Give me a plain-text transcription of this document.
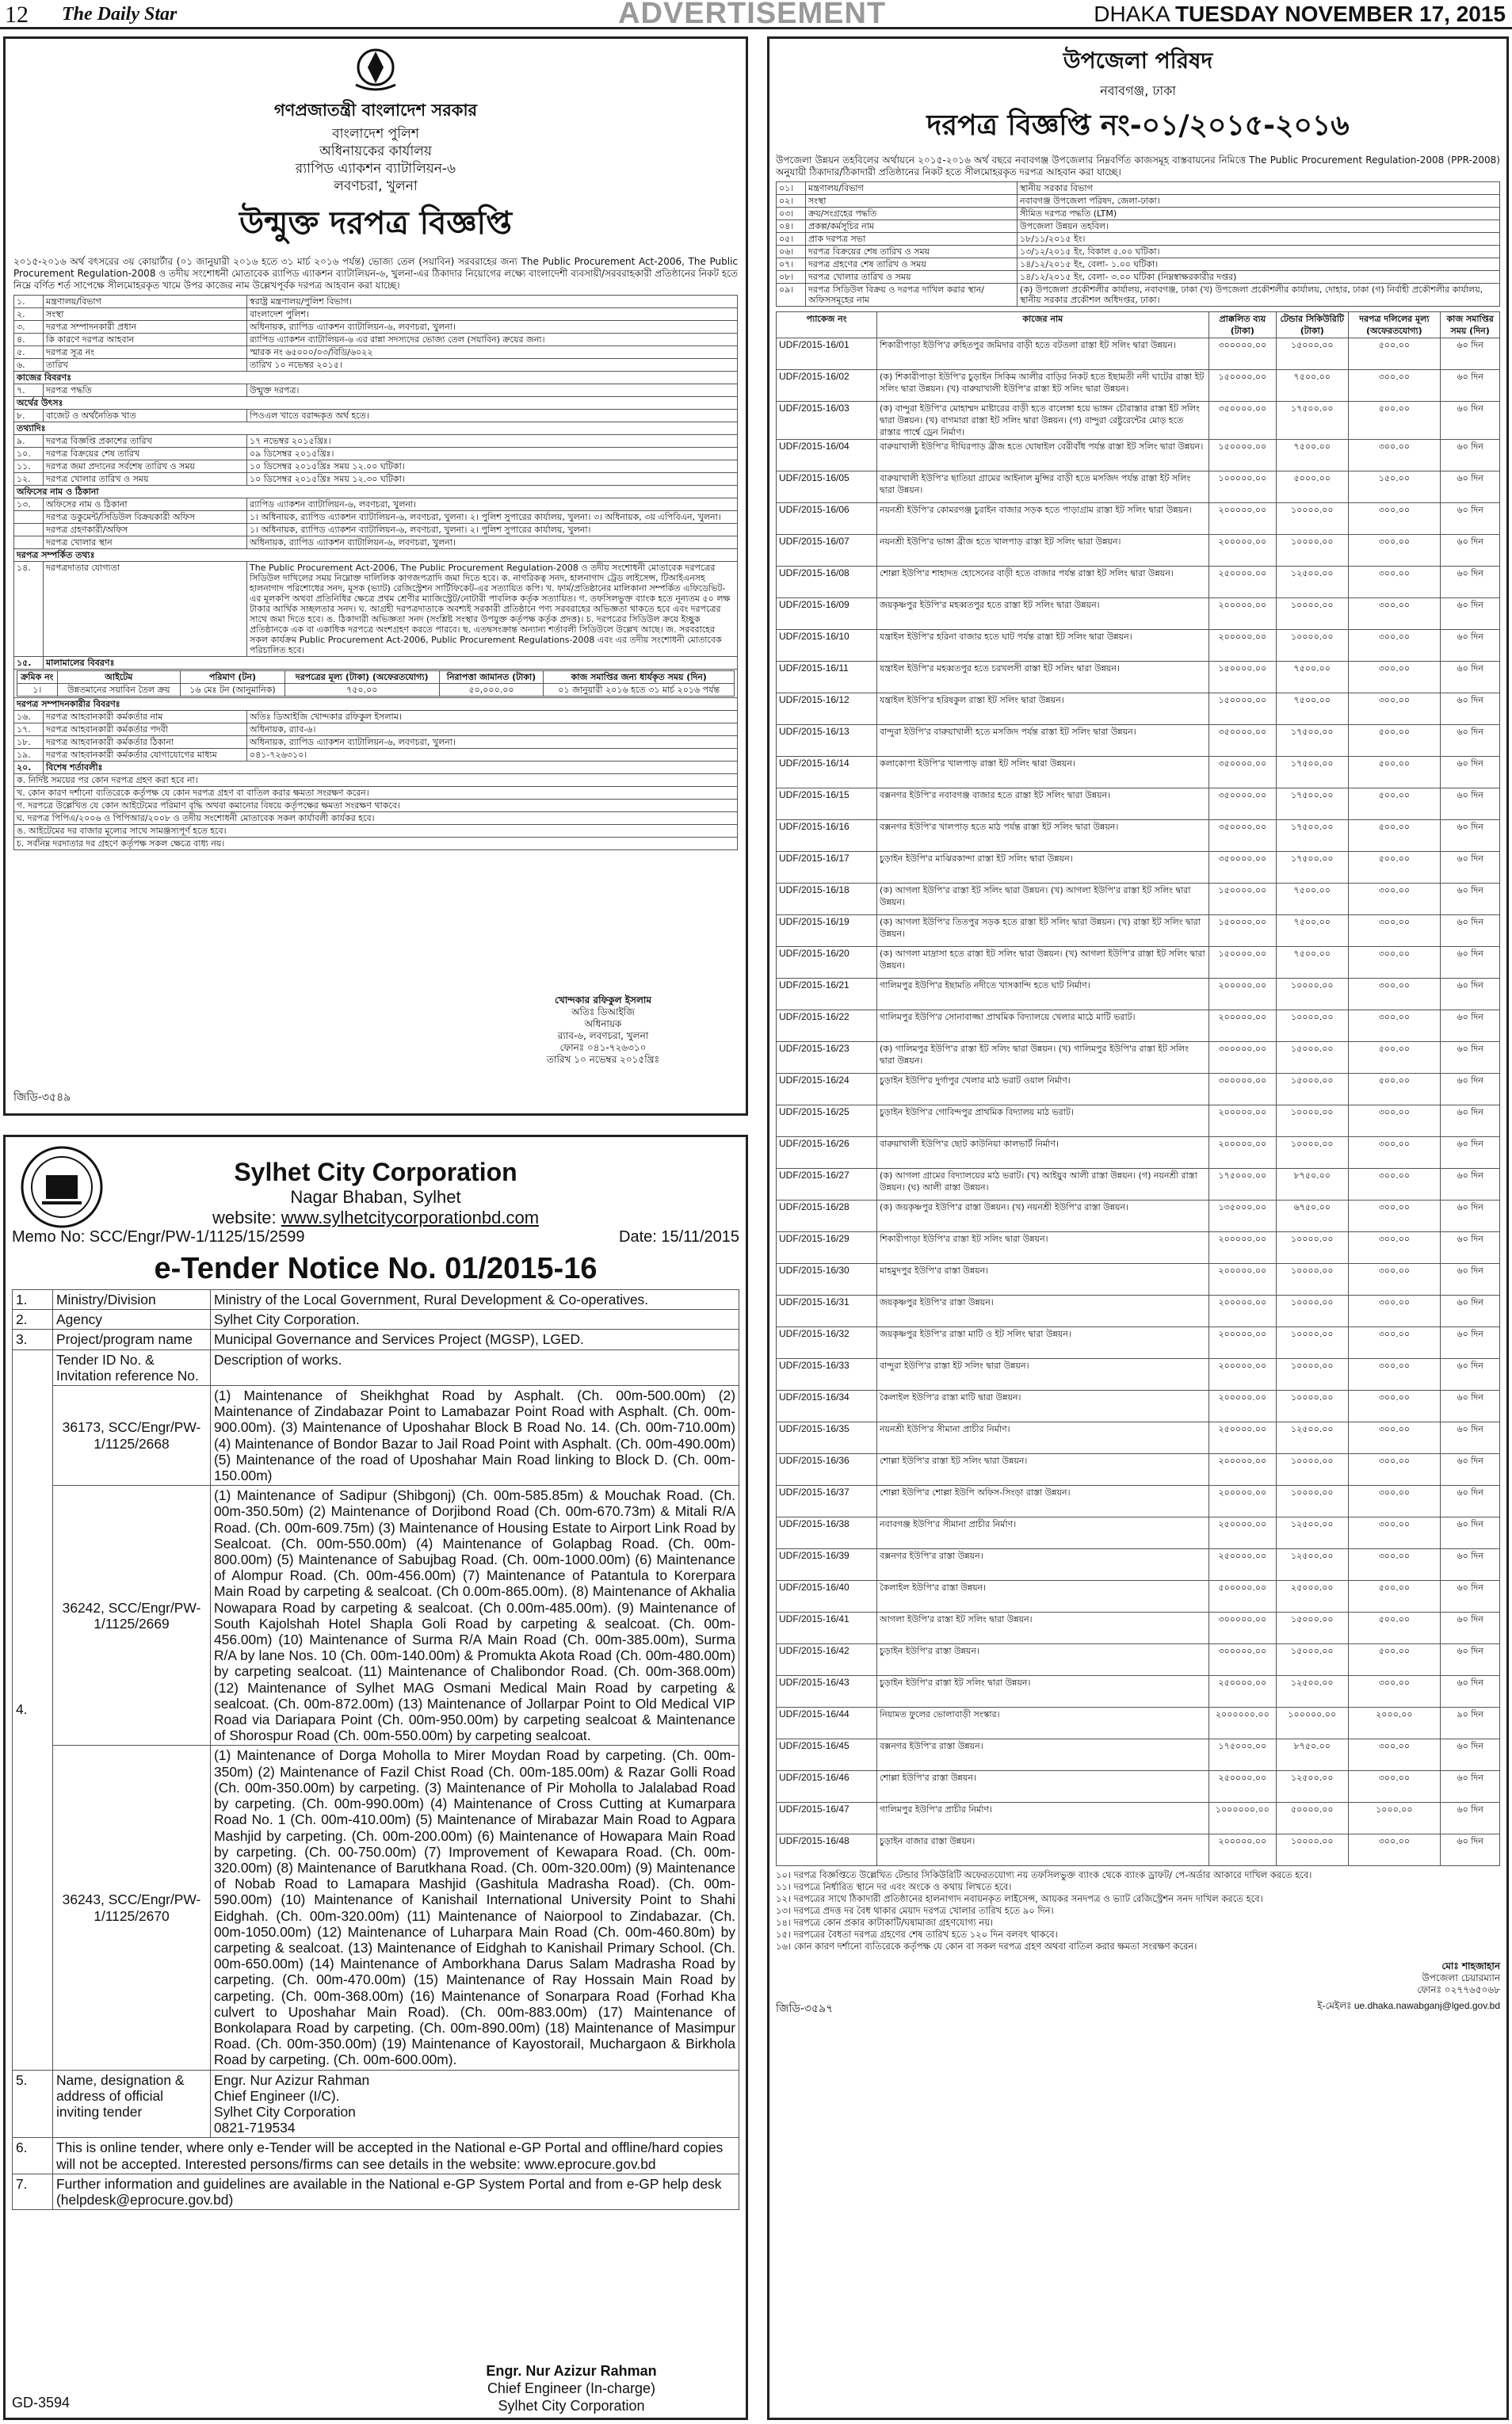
12 The Daily Star	ADVERTISEMENT	DHAKA TUESDAY NOVEMBER 17, 2015
গণপ্রজাতন্ত্রী বাংলাদেশ সরকার
বাংলাদেশ পুলিশ
অধিনায়কের কার্যালয়
র‌্যাপিড এ্যাকশন ব্যাটালিয়ন-৬
লবণচরা, খুলনা
উন্মুক্ত দরপত্র বিজ্ঞপ্তি
২০১৫-২০১৬ অর্থ বৎসরের ৩য় কোয়ার্টার (০১ জানুয়ারী ২০১৬ হতে ৩১ মার্চ ২০১৬ পর্যন্ত) ভোজ্য তেল (সয়াবিন) সরবরাহের জন্য The Public Procurement Act-2006, The Public Procurement Regulation-2008 ও তদীয় সংশোধনী মোতাবেক র‌্যাপিড এ্যাকশন ব্যাটালিয়ন-৬, খুলনা-এর ঠিকাদার নিয়োগের লক্ষ্যে বাংলাদেশী ব্যবসায়ী/সরবরাহকারী প্রতিষ্ঠানের নিকট হতে নিম্নে বর্ণিত শর্ত সাপেক্ষে সীলমোহরকৃত খামে উপর কাজের নাম উল্লেখপূর্বক দরপত্র আহবান করা যাচ্ছে।
১.	মন্ত্রণালয়/বিভাগ	স্বরাষ্ট্র মন্ত্রণালয়/পুলিশ বিভাগ।
২.	সংস্থা	বাংলাদেশ পুলিশ।
৩.	দরপত্র সম্পাদনকারী প্রধান	অধিনায়ক, র‌্যাপিড এ্যাকশন ব্যাটালিয়ন-৬, লবণচরা, খুলনা।
৪.	কি কারণে দরপত্র আহবান	র‌্যাপিড এ্যাকশন ব্যাটালিয়ন-৬ এর রান্না সদস্যদের ভোজ্য তেল (সয়াবিন) ক্রয়ের জন্য।
৫.	দরপত্র সূত্র নং	স্মারক নং ৬৫০০০/০৩/বিডি/৬০২২
৬.	তারিখ	তারিখ ১০ নভেম্বর ২০১৫।
কাজের বিবরণঃ
৭.	দরপত্র পদ্ধতি	উন্মুক্ত দরপত্র।
অর্থের উৎসঃ
৮.	বাজেট ও অর্থনৈতিক খাত	পিওএল খাতে বরাদ্দকৃত অর্থ হতে।
তথ্যাদিঃ
৯.	দরপত্র বিজ্ঞপ্তি প্রকাশের তারিখ	১৭ নভেম্বর ২০১৫খ্রিঃ।
১০.	দরপত্র বিক্রয়ের শেষ তারিখ	০৯ ডিসেম্বর ২০১৫খ্রিঃ।
১১.	দরপত্র জমা প্রদানের সর্বশেষ তারিখ ও সময়	১০ ডিসেম্বর ২০১৫খ্রিঃ সময় ১২.০০ ঘটিকা।
১২.	দরপত্র খোলার তারিখ ও সময়	১০ ডিসেম্বর ২০১৫খ্রিঃ সময় ১২.৩০ ঘটিকা।
অফিসের নাম ও ঠিকানা
১৩.	অফিসের নাম ও ঠিকানা	র‌্যাপিড এ্যাকশন ব্যাটালিয়ন-৬, লবণচরা, খুলনা।
	দরপত্র ডকুমেন্ট/সিডিউল বিক্রয়কারী অফিস	১। অধিনায়ক, র‌্যাপিড এ্যাকশন ব্যাটালিয়ন-৬, লবণচরা, খুলনা। ২। পুলিশ সুপারের কার্যালয়, খুলনা। ৩। অধিনায়ক, ৩য় এপিবিএন, খুলনা।
	দরপত্র গ্রহণকারী/অফিস	১। অধিনায়ক, র‌্যাপিড এ্যাকশন ব্যাটালিয়ন-৬, লবণচরা, খুলনা। ২। পুলিশ সুপারের কার্যালয়, খুলনা।
	দরপত্র খোলার স্থান	অধিনায়ক, র‌্যাপিড এ্যাকশন ব্যাটালিয়ন-৬, লবণচরা, খুলনা।
দরপত্র সম্পর্কিত তথ্যঃ
১৪.	দরপত্রদাতার যোগ্যতা	The Public Procurement Act-2006, The Public Procurement Regulation-2008 ও তদীয় সংশোধনী মোতাবেক দরপত্রের সিডিউল দাখিলের সময় নিম্নোক্ত দালিলিক কাগজপত্রাদি জমা দিতে হবে। ক. নাগরিকত্ব সনদ, হালনাগাদ ট্রেড লাইসেন্স, টিআইএনসহ হালনাগাদ পরিশোধের সনদ, মূসক (ভ্যাট) রেজিস্ট্রেশন সার্টিফিকেট-এর সত্যায়িত কপি। খ. ফার্ম/প্রতিষ্ঠানের মালিকানা সম্পর্কিত এফিডেভিট-এর মূলকপি অথবা প্রতিনিধির ক্ষেত্রে প্রথম শ্রেণীর ম্যাজিস্ট্রেট/নোটারী পাবলিক কর্তৃক সত্যায়িত। গ. তফসিলভুক্ত ব্যাংক হতে নূন্যতম ৫০ লক্ষ টাকার আর্থিক সচ্ছলতার সনদ। ঘ. আগ্রহী দরপত্রদাতাকে অবশ্যই সরকারী প্রতিষ্ঠানে পণ্য সরবরাহের অভিজ্ঞতা থাকতে হবে এবং দরপত্রের সাথে জমা দিতে হবে। ঙ. ঠিকাদারী অভিজ্ঞতা সনদ (সংশ্লিষ্ট সংস্থার উপযুক্ত কর্তৃপক্ষ কর্তৃক প্রদত্ত)। চ. দরপত্রের সিডিউল ক্রয়ে ইচ্ছুক প্রতিষ্ঠানকে এক বা একাধিক দরপত্রে অংশগ্রহণ করতে পারবে। ছ. এতদ্বসংক্রান্ত অন্যান্য শর্তাবলী সিডিউলে উল্লেখ আছে। জ. সরবরাহের সকল কার্যক্রম Public Procurement Act-2006, Public Procurement Regulations-2008 এবং এর তদীয় সংশোধনী মোতাবেক পরিচালিত হবে।
১৫.	মালামালের বিবরণঃ

ক্রমিক নং	আইটেম	পরিমাণ (টন)	দরপত্রের মূল্য (টাকা) (অফেরতযোগ্য)	নিরাপত্তা জামানত (টাকা)	কাজ সমাপ্তির জন্য ধার্যকৃত সময় (দিন)
১।	উন্নতমানের সয়াবিন তৈল ক্রয়	১৬ মেঃ টন (আনুমানিক)	৭৫০.০০	৫০,০০০.০০	০১ জানুয়ারী ২০১৬ হতে ৩১ মার্চ ২০১৬ পর্যন্ত

দরপত্র সম্পাদনকারীর বিবরণঃ
১৬.	দরপত্র আহবানকারী কর্মকর্তার নাম	অতিঃ ডিআইজি খোন্দকার রফিকুল ইসলাম।
১৭.	দরপত্র আহবানকারী কর্মকর্তার পদবী	অধিনায়ক, র‌্যাব-৬।
১৮.	দরপত্র আহবানকারী কর্মকর্তার ঠিকানা	অধিনায়ক, র‌্যাপিড এ্যাকশন ব্যাটালিয়ন-৬, লবণচরা, খুলনা।
১৯.	দরপত্র আহবানকারী কর্মকর্তার যোগাযোগের মাধ্যম	০৪১-৭২৬৩১০।
২০.	বিশেষ শর্তাবলীঃ
ক. নির্দিষ্ট সময়ের পর কোন দরপত্র গ্রহণ করা হবে না।
খ. কোন কারণ দর্শানো ব্যতিরেকে কর্তৃপক্ষ যে কোন দরপত্র গ্রহণ বা বাতিল করার ক্ষমতা সংরক্ষণ করেন।
গ. দরপত্রে উল্লেখিত যে কোন আইটেমের পরিমাণ বৃদ্ধি অথবা কমানোর বিষয়ে কর্তৃপক্ষের ক্ষমতা সংরক্ষণ থাকবে।
ঘ. দরপত্র পিপিএ/২০০৬ ও পিপিআর/২০০৮ ও তদীয় সংশোধনী মোতাবেক সকল কার্যাবলী কার্যকর হবে।
ঙ. আইটেমের দর বাজার মূল্যের সাথে সামঞ্জস্যপূর্ণ হতে হবে।
চ. সর্বনিম্ন দরদাতার দর গ্রহণে কর্তৃপক্ষ সকল ক্ষেত্রে বাধ্য নয়।
খোন্দকার রফিকুল ইসলাম
অতিঃ ডিআইজি
অধিনায়ক
র‌্যাব-৬, লবণচরা, খুলনা
ফোনঃ ০৪১-৭২৬৩১০
তারিখ ১০ নভেম্বর ২০১৫খ্রিঃ
জিডি-৩৫৪৯
Sylhet City Corporation
Nagar Bhaban, Sylhet
website: www.sylhetcitycorporationbd.com
Memo No: SCC/Engr/PW-1/1125/15/2599	Date: 15/11/2015
e-Tender Notice No. 01/2015-16
1.	Ministry/Division	Ministry of the Local Government, Rural Development & Co-operatives.
2.	Agency	Sylhet City Corporation.
3.	Project/program name	Municipal Governance and Services Project (MGSP), LGED.
4.	Tender ID No. & Invitation reference No.	Description of works.
	36173, SCC/Engr/PW-1/1125/2668	(1) Maintenance of Sheikhghat Road by Asphalt. (Ch. 00m-500.00m) (2) Maintenance of Zindabazar Point to Lamabazar Point Road with Asphalt. (Ch. 00m-900.00m). (3) Maintenance of Uposhahar Block B Road No. 14. (Ch. 00m-710.00m) (4) Maintenance of Bondor Bazar to Jail Road Point with Asphalt. (Ch. 00m-490.00m) (5) Maintenance of the road of Uposhahar Main Road linking to Block D. (Ch. 00m-150.00m)
	36242, SCC/Engr/PW-1/1125/2669	(1) Maintenance of Sadipur (Shibgonj) (Ch. 00m-585.85m) & Mouchak Road. (Ch. 00m-350.50m) (2) Maintenance of Dorjibond Road (Ch. 00m-670.73m) & Mitali R/A Road. (Ch. 00m-609.75m) (3) Maintenance of Housing Estate to Airport Link Road by Sealcoat. (Ch. 00m-550.00m) (4) Maintenance of Golapbag Road. (Ch. 00m-800.00m) (5) Maintenance of Sabujbag Road. (Ch. 00m-1000.00m) (6) Maintenance of Alompur Road. (Ch. 00m-456.00m) (7) Maintenance of Patantula to Korerpara Main Road by carpeting & sealcoat. (Ch 0.00m-865.00m). (8) Maintenance of Akhalia Nowapara Road by carpeting & sealcoat. (Ch 0.00m-485.00m). (9) Maintenance of South Kajolshah Hotel Shapla Goli Road by carpeting & sealcoat. (Ch. 00m-456.00m) (10) Maintenance of Surma R/A Main Road (Ch. 00m-385.00m), Surma R/A by lane Nos. 10 (Ch. 00m-140.00m) & Promukta Akota Road (Ch. 00m-480.00m) by carpeting sealcoat. (11) Maintenance of Chalibondor Road. (Ch. 00m-368.00m) (12) Maintenance of Sylhet MAG Osmani Medical Main Road by carpeting & sealcoat. (Ch. 00m-872.00m) (13) Maintenance of Jollarpar Point to Old Medical VIP Road via Dariapara Point (Ch. 00m-950.00m) by carpeting sealcoat & Maintenance of Shorospur Road (Ch. 00m-550.00m) by carpeting sealcoat.
	36243, SCC/Engr/PW-1/1125/2670	(1) Maintenance of Dorga Moholla to Mirer Moydan Road by carpeting. (Ch. 00m-350m) (2) Maintenance of Fazil Chist Road (Ch. 00m-185.00m) & Razar Golli Road (Ch. 00m-350.00m) by carpeting. (3) Maintenance of Pir Moholla to Jalalabad Road by carpeting. (Ch. 00m-990.00m) (4) Maintenance of Cross Cutting at Kumarpara Road No. 1 (Ch. 00m-410.00m) (5) Maintenance of Mirabazar Main Road to Agpara Mashjid by carpeting. (Ch. 00m-200.00m) (6) Maintenance of Howapara Main Road by carpeting. (Ch. 00-750.00m) (7) Improvement of Kewapara Road. (Ch. 00m-320.00m) (8) Maintenance of Barutkhana Road. (Ch. 00m-320.00m) (9) Maintenance of Nobab Road to Lamapara Mashjid (Gashitula Madrasha Road). (Ch. 00m-590.00m) (10) Maintenance of Kanishail International University Point to Shahi Eidghah. (Ch. 00m-320.00m) (11) Maintenance of Naiorpool to Zindabazar. (Ch. 00m-1050.00m) (12) Maintenance of Luharpara Main Road (Ch. 00m-460.80m) by carpeting & sealcoat. (13) Maintenance of Eidghah to Kanishail Primary School. (Ch. 00m-650.00m) (14) Maintenance of Amborkhana Darus Salam Madrasha Road by carpeting. (Ch. 00m-470.00m) (15) Maintenance of Ray Hossain Main Road by carpeting. (Ch. 00m-368.00m) (16) Maintenance of Sonarpara Road (Forhad Kha culvert to Uposhahar Main Road). (Ch. 00m-883.00m) (17) Maintenance of Bonkolapara Road by carpeting. (Ch. 00m-890.00m) (18) Maintenance of Masimpur Road. (Ch. 00m-350.00m) (19) Maintenance of Kayostorail, Muchargaon & Birkhola Road by carpeting. (Ch. 00m-600.00m).
5.	Name, designation & address of official inviting tender	Engr. Nur Azizur Rahman
Chief Engineer (I/C).
Sylhet City Corporation
0821-719534
6.	This is online tender, where only e-Tender will be accepted in the National e-GP Portal and offline/hard copies will not be accepted. Interested persons/firms can see details in the website: www.eprocure.gov.bd	
7.	Further information and guidelines are available in the National e-GP System Portal and from e-GP help desk (helpdesk@eprocure.gov.bd)	
Engr. Nur Azizur Rahman
Chief Engineer (In-charge)
Sylhet City Corporation
GD-3594
উপজেলা পরিষদ
নবাবগঞ্জ, ঢাকা
দরপত্র বিজ্ঞপ্তি নং-০১/২০১৫-২০১৬
উপজেলা উন্নয়ন তহবিলের অর্থায়নে ২০১৫-২০১৬ অর্থ বছরে নবাবগঞ্জ উপজেলার নিম্নবর্ণিত কাজসমূহ বাস্তবায়নের নিমিত্তে The Public Procurement Regulation-2008 (PPR-2008) অনুযায়ী ঠিকাদার/ঠিকাদারী প্রতিষ্ঠানের নিকট হতে সীলমোহরকৃত দরপত্র আহবান করা যাচ্ছে।
০১।	মন্ত্রণালয়/বিভাগ	স্থানীয় সরকার বিভাগ
০২।	সংস্থা	নবাবগঞ্জ উপজেলা পরিষদ, জেলা-ঢাকা।
০৩।	ক্রয়/সংগ্রহের পদ্ধতি	সীমিত দরপত্র পদ্ধতি (LTM)
০৪।	প্রকল্প/কর্মসূচির নাম	উপজেলা উন্নয়ন তহবিল।
০৫।	প্রাক দরপত্র সভা	১৮/১১/২০১৫ ইং।
০৬।	দরপত্র বিক্রয়ের শেষ তারিখ ও সময়	১৩/১২/২০১৫ ইং, বিকাল ৫.০০ ঘটিকা।
০৭।	দরপত্র গ্রহণের শেষ তারিখ ও সময়	১৪/১২/২০১৫ ইং, বেলা- ১.০০ ঘটিকা।
০৮।	দরপত্র খোলার তারিখ ও সময়	১৪/১২/২০১৫ ইং, বেলা- ৩.০০ ঘটিকা (নিম্নস্বাক্ষরকারীর দপ্তর)
০৯।	দরপত্র সিডিউল বিক্রয় ও দরপত্র দাখিল করার স্থান/অফিসসমূহের নাম	(ক) উপজেলা প্রকৌশলীর কার্যালয়, নবাবগঞ্জ, ঢাকা (খ) উপজেলা প্রকৌশলীর কার্যালয়, দোহার, ঢাকা (গ) নির্বাহী প্রকৌশলীর কার্যালয়, স্থানীয় সরকার প্রকৌশল অধিদপ্তর, ঢাকা।
প্যাকেজ নং	কাজের নাম	প্রাক্কলিত ব্যয় (টাকা)	টেন্ডার সিকিউরিটি (টাকা)	দরপত্র দলিলের মূল্য (অফেরতযোগ্য)	কাজ সমাপ্তির সময় (দিন)
UDF/2015-16/01	শিকারীপাড়া ইউপি'র রুহিতপুর জমিদার বাড়ী হতে বটতলা রাস্তা ইট সলিং দ্বারা উন্নয়ন।	৩০০০০০.০০	১৫০০০.০০	৫০০.০০	৬০ দিন
UDF/2015-16/02	(ক) শিকারীপাড়া ইউপি'র চুড়াইন সিকিম আলীর বাড়ির নিকট হতে ইছামতী নদী ঘাটের রাস্তা ইট সলিং দ্বারা উন্নয়ন। (খ) বারুয়াখালী ইউপি'র রাস্তা ইট সলিং দ্বারা উন্নয়ন।	১৫০০০০.০০	৭৫০০.০০	৩০০.০০	৬০ দিন
UDF/2015-16/03	(ক) বান্দুরা ইউপি'র মোহাম্মদ মাষ্টারের বাড়ী হতে বালেঙ্গা হয়ে ভাঙ্গন চৌরাস্তার রাস্তা ইট সলিং দ্বারা উন্নয়ন। (খ) বাগমারা রাস্তা ইট সলিং দ্বারা উন্নয়ন। (গ) বান্দুরা রেষ্টুরেন্টের মোড় হতে রাস্তার পার্শ্বে ড্রেন নির্মাণ।	৩৫০০০০.০০	১৭৫০০.০০	৫০০.০০	৬০ দিন
UDF/2015-16/04	বারুয়াখালী ইউপি'র দীঘিরপাড় ব্রীজ হতে ঘোষাইল বেরীবাঁধ পর্যন্ত রাস্তা ইট সলিং দ্বারা উন্নয়ন।	১৫০০০০.০০	৭৫০০.০০	৩০০.০০	৬০ দিন
UDF/2015-16/05	বারুয়াখালী ইউপি'র ছাতিয়া গ্রামের আইনাল মুন্সির বাড়ী হতে মসজিদ পর্যন্ত রাস্তা ইট সলিং দ্বারা উন্নয়ন।	১০০০০০.০০	৫০০০.০০	১৫০.০০	৬০ দিন
UDF/2015-16/06	নয়নশ্রী ইউপি'র কোমরগঞ্জ চুরাইন বাজার সড়ক হতে পাড়াগ্রাম রাস্তা ইট সলিং দ্বারা উন্নয়ন।	২০০০০০.০০	১০০০০.০০	৩০০.০০	৬০ দিন
UDF/2015-16/07	নয়নশ্রী ইউপি'র ভাঙ্গা ব্রীজ হতে খালপাড় রাস্তা ইট সলিং দ্বারা উন্নয়ন।	২০০০০০.০০	১০০০০.০০	৩০০.০০	৬০ দিন
UDF/2015-16/08	শোল্লা ইউপি'র শাহাদত হোসেনের বাড়ী হতে বাজার পর্যন্ত রাস্তা ইট সলিং দ্বারা উন্নয়ন।	২৫০০০০.০০	১২৫০০.০০	৩০০.০০	৬০ দিন
UDF/2015-16/09	জয়কৃষ্ণপুর ইউপি'র মহব্বতপুর হতে রাস্তা ইট সলিং দ্বারা উন্নয়ন।	২০০০০০.০০	১০০০০.০০	৩০০.০০	৬০ দিন
UDF/2015-16/10	যন্ত্রাইল ইউপি'র হরিনা বাজার হতে ঘাট পর্যন্ত রাস্তা ইট সলিং দ্বারা উন্নয়ন।	২০০০০০.০০	১০০০০.০০	৩০০.০০	৬০ দিন
UDF/2015-16/11	যন্ত্রাইল ইউপি'র মহব্বতপুর হতে চরখলসী রাস্তা ইট সলিং দ্বারা উন্নয়ন।	১৫০০০০.০০	৭৫০০.০০	৩০০.০০	৬০ দিন
UDF/2015-16/12	যন্ত্রাইল ইউপি'র হরিষকুল রাস্তা ইট সলিং দ্বারা উন্নয়ন।	১৫০০০০.০০	৭৫০০.০০	৩০০.০০	৬০ দিন
UDF/2015-16/13	বান্দুরা ইউপি'র বারুয়াখালী হতে মসজিদ পর্যন্ত রাস্তা ইট সলিং দ্বারা উন্নয়ন।	৩৫০০০০.০০	১৭৫০০.০০	৫০০.০০	৬০ দিন
UDF/2015-16/14	কলাকোপা ইউপি'র খালপাড় রাস্তা ইট সলিং দ্বারা উন্নয়ন।	৩৫০০০০.০০	১৭৫০০.০০	৫০০.০০	৬০ দিন
UDF/2015-16/15	বক্সনগর ইউপি'র নবাবগঞ্জ বাজার হতে রাস্তা ইট সলিং দ্বারা উন্নয়ন।	৩৫০০০০.০০	১৭৫০০.০০	৫০০.০০	৬০ দিন
UDF/2015-16/16	বক্সনগর ইউপি'র খালপাড় হতে মাঠ পর্যন্ত রাস্তা ইট সলিং দ্বারা উন্নয়ন।	৩৫০০০০.০০	১৭৫০০.০০	৫০০.০০	৬০ দিন
UDF/2015-16/17	চুড়াইন ইউপি'র মাঝিরকান্দা রাস্তা ইট সলিং দ্বারা উন্নয়ন।	৩৫০০০০.০০	১৭৫০০.০০	৫০০.০০	৬০ দিন
UDF/2015-16/18	(ক) আগলা ইউপি'র রাস্তা ইট সলিং দ্বারা উন্নয়ন। (খ) আগলা ইউপি'র রাস্তা ইট সলিং দ্বারা উন্নয়ন।	১৫০০০০.০০	৭৫০০.০০	৩০০.০০	৬০ দিন
UDF/2015-16/19	(ক) আগলা ইউপি'র তিতপুর সড়ক হতে রাস্তা ইট সলিং দ্বারা উন্নয়ন। (খ) রাস্তা ইট সলিং দ্বারা উন্নয়ন।	১৫০০০০.০০	৭৫০০.০০	৩০০.০০	৬০ দিন
UDF/2015-16/20	(ক) আগলা মাদ্রাসা হতে রাস্তা ইট সলিং দ্বারা উন্নয়ন। (খ) আগলা ইউপি'র রাস্তা ইট সলিং দ্বারা উন্নয়ন।	১৫০০০০.০০	৭৫০০.০০	৩০০.০০	৬০ দিন
UDF/2015-16/21	গালিমপুর ইউপি'র ইছামতি নদীতে খাসকান্দি হতে ঘাট নির্মাণ।	২০০০০০.০০	১০০০০.০০	৩০০.০০	৬০ দিন
UDF/2015-16/22	গালিমপুর ইউপি'র সোনাবাজ্জা প্রাথমিক বিদ্যালয়ে খেলার মাঠে মাটি ভরাট।	২০০০০০.০০	১০০০০.০০	৩০০.০০	৬০ দিন
UDF/2015-16/23	(ক) গালিমপুর ইউপি'র রাস্তা ইট সলিং দ্বারা উন্নয়ন। (খ) গালিমপুর ইউপি'র রাস্তা ইট সলিং দ্বারা উন্নয়ন।	৩০০০০০.০০	১৫০০০.০০	৫০০.০০	৬০ দিন
UDF/2015-16/24	চুড়াইন ইউপি'র দুর্গাপুর খেলার মাঠ ভরাট ওয়াল নির্মাণ।	৩০০০০০.০০	১৫০০০.০০	৫০০.০০	৬০ দিন
UDF/2015-16/25	চুড়াইন ইউপি'র গোবিন্দপুর প্রাথমিক বিদ্যালয় মাঠ ভরাট।	২০০০০০.০০	১০০০০.০০	৩০০.০০	৬০ দিন
UDF/2015-16/26	বারুয়াখালী ইউপি'র ছোট কাউনিয়া কালভার্ট নির্মাণ।	২০০০০০.০০	১০০০০.০০	৩০০.০০	৬০ দিন
UDF/2015-16/27	(ক) আগলা গ্রামের বিদ্যালয়ের মাঠ ভরাট। (খ) আইয়ুব আলী রাস্তা উন্নয়ন। (গ) নয়নশ্রী রাস্তা উন্নয়ন। (ঘ) আলী রাস্তা উন্নয়ন।	১৭৫০০০.০০	৮৭৫০.০০	৩০০.০০	৬০ দিন
UDF/2015-16/28	(ক) জয়কৃষ্ণপুর ইউপি'র রাস্তা উন্নয়ন। (খ) নয়নশ্রী ইউপি'র রাস্তা উন্নয়ন।	১৩৫০০০.০০	৬৭৫০.০০	৩০০.০০	৬০ দিন
UDF/2015-16/29	শিকারীপাড়া ইউপি'র রাস্তা ইট সলিং দ্বারা উন্নয়ন।	২০০০০০.০০	১০০০০.০০	৩০০.০০	৬০ দিন
UDF/2015-16/30	মাহমুদপুর ইউপি'র রাস্তা উন্নয়ন।	২০০০০০.০০	১০০০০.০০	৩০০.০০	৬০ দিন
UDF/2015-16/31	জয়কৃষ্ণপুর ইউপি'র রাস্তা উন্নয়ন।	২০০০০০.০০	১০০০০.০০	৩০০.০০	৬০ দিন
UDF/2015-16/32	জয়কৃষ্ণপুর ইউপি'র রাস্তা মাটি ও ইট সলিং দ্বারা উন্নয়ন।	২০০০০০.০০	১০০০০.০০	৩০০.০০	৬০ দিন
UDF/2015-16/33	বান্দুরা ইউপি'র রাস্তা ইট সলিং দ্বারা উন্নয়ন।	২০০০০০.০০	১০০০০.০০	৩০০.০০	৬০ দিন
UDF/2015-16/34	কৈলাইল ইউপি'র রাস্তা মাটি দ্বারা উন্নয়ন।	২০০০০০.০০	১০০০০.০০	৩০০.০০	৬০ দিন
UDF/2015-16/35	নয়নশ্রী ইউপি'র সীমানা প্রাচীর নির্মাণ।	২৫০০০০.০০	১২৫০০.০০	৩০০.০০	৬০ দিন
UDF/2015-16/36	শোল্লা ইউপি'র রাস্তা ইট সলিং দ্বারা উন্নয়ন।	২০০০০০.০০	১০০০০.০০	৩০০.০০	৬০ দিন
UDF/2015-16/37	শোল্লা ইউপি'র শোল্লা ইউপি অফিস-সিংড়া রাস্তা উন্নয়ন।	২০০০০০.০০	১০০০০.০০	৩০০.০০	৬০ দিন
UDF/2015-16/38	নবাবগঞ্জ ইউপি'র সীমানা প্রাচীর নির্মাণ।	২৫০০০০.০০	১২৫০০.০০	৩০০.০০	৬০ দিন
UDF/2015-16/39	বক্সনগর ইউপি'র রাস্তা উন্নয়ন।	২৫০০০০.০০	১২৫০০.০০	৩০০.০০	৬০ দিন
UDF/2015-16/40	কৈলাইল ইউপি'র রাস্তা উন্নয়ন।	৫০০০০০.০০	২৫০০০.০০	৫০০.০০	৬০ দিন
UDF/2015-16/41	আগলা ইউপি'র রাস্তা ইট সলিং দ্বারা উন্নয়ন।	৩০০০০০.০০	১৫০০০.০০	৫০০.০০	৬০ দিন
UDF/2015-16/42	চুড়াইন ইউপি'র রাস্তা উন্নয়ন।	৩০০০০০.০০	১৫০০০.০০	৫০০.০০	৬০ দিন
UDF/2015-16/43	চুড়াইন ইউপি'র রাস্তা ইট সলিং দ্বারা উন্নয়ন।	২৫০০০০.০০	১২৫০০.০০	৩০০.০০	৬০ দিন
UDF/2015-16/44	নিয়ামত ফুলের ভোলাবাড়ী সংস্কার।	২০০০০০০.০০	১০০০০০.০০	২০০০.০০	৯০ দিন
UDF/2015-16/45	বক্সনগর ইউপি'র রাস্তা উন্নয়ন।	১৭৫০০০.০০	৮৭৫০.০০	৩০০.০০	৬০ দিন
UDF/2015-16/46	শোল্লা ইউপি'র রাস্তা উন্নয়ন।	২৫০০০০.০০	১২৫০০.০০	৩০০.০০	৬০ দিন
UDF/2015-16/47	গালিমপুর ইউপি'র প্রাচীর নির্মাণ।	১০০০০০০.০০	৫০০০০.০০	১০০০.০০	৬০ দিন
UDF/2015-16/48	চুড়াইন বাজার রাস্তা উন্নয়ন।	২০০০০০.০০	১০০০০.০০	৩০০.০০	৬০ দিন
১০। দরপত্র বিজ্ঞপ্তিতে উল্লেখিত টেন্ডার সিকিউরিটি অফেরতযোগ্য নয় তফসিলভুক্ত ব্যাংক থেকে ব্যাংক ড্রাফট/ পে-অর্ডার আকারে দাখিল করতে হবে।
১১। দরপত্রে নির্ধারিত স্থানে দর এবং অংকে ও কথায় লিখতে হবে।
১২। দরপত্রের সাথে ঠিকাদারী প্রতিষ্ঠানের হালনাগাদ নবায়নকৃত লাইসেন্স, আয়কর সনদপত্র ও ভ্যাট রেজিস্ট্রেশন সনদ দাখিল করতে হবে।
১৩। দরপত্রে প্রদত্ত দর বৈধ থাকার মেয়াদ দরপত্র খোলার তারিখ হতে ৯০ দিন।
১৪। দরপত্রে কোন প্রকার কাটাকাটি/ঘষামাজা গ্রহণযোগ্য নয়।
১৫। দরপত্রের বৈধতা দরপত্র গ্রহণের শেষ তারিখ হতে ১২০ দিন বলবৎ থাকবে।
১৬। কোন কারণ দর্শানো ব্যতিরেকে কর্তৃপক্ষ যে কোন বা সকল দরপত্র গ্রহণ অথবা বাতিল করার ক্ষমতা সংরক্ষণ করেন।
মোঃ শাহজাহান
উপজেলা চেয়ারম্যান
ফোনঃ ০২৭৭৬৫০৬৮
জিডি-৩৫৯৭	ই-মেইলঃ ue.dhaka.nawabganj@lged.gov.bd
